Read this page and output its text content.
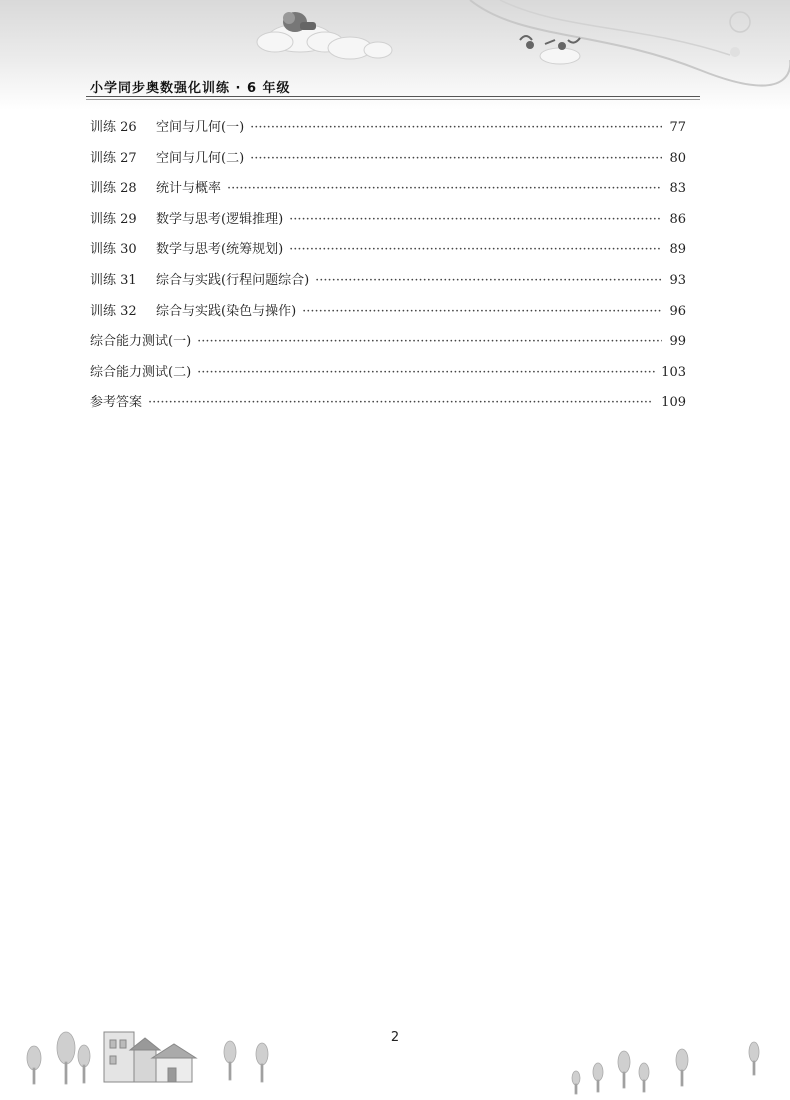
小学同步奥数强化训练 · 6 年级
训练 26	空间与几何(一) ·····	77
训练 27	空间与几何(二) ·····	80
训练 28	统计与概率 ·····	83
训练 29	数学与思考(逻辑推理) ·····	86
训练 30	数学与思考(统筹规划) ·····	89
训练 31	综合与实践(行程问题综合) ·····	93
训练 32	综合与实践(染色与操作) ·····	96
综合能力测试(一) ·····	99
综合能力测试(二) ·····	103
参考答案 ·····	109
2
